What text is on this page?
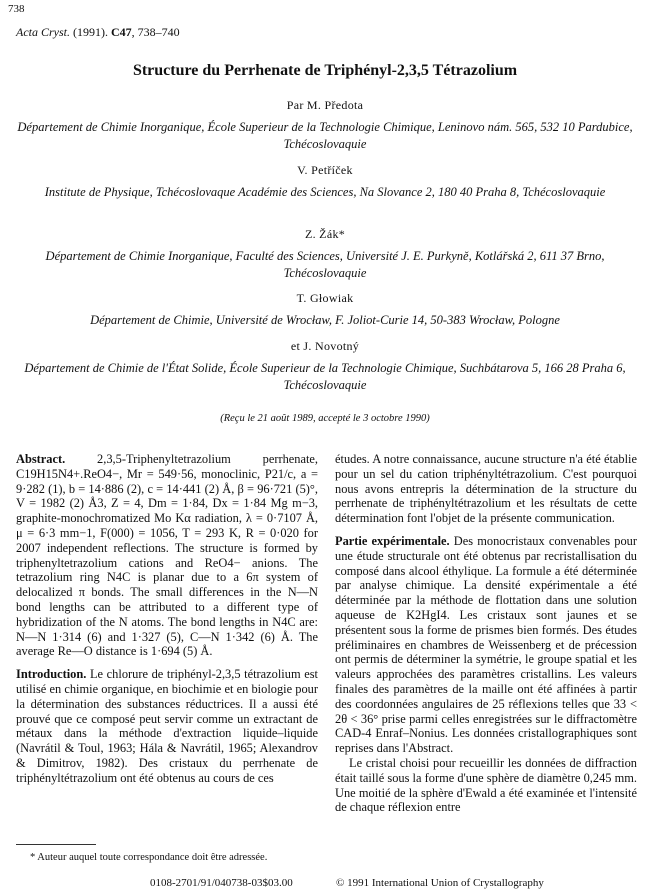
738
Acta Cryst. (1991). C47, 738–740
Structure du Perrhenate de Triphényl-2,3,5 Tétrazolium
Par M. Předota
Département de Chimie Inorganique, École Superieur de la Technologie Chimique, Leninovo nám. 565, 532 10 Pardubice, Tchécoslovaquie
V. Petříček
Institute de Physique, Tchécoslovaque Académie des Sciences, Na Slovance 2, 180 40 Praha 8, Tchécoslovaquie
Z. Žák*
Département de Chimie Inorganique, Faculté des Sciences, Université J. E. Purkyně, Kotlářská 2, 611 37 Brno, Tchécoslovaquie
T. Głowiak
Département de Chimie, Université de Wrocław, F. Joliot-Curie 14, 50-383 Wrocław, Pologne
et J. Novotný
Département de Chimie de l'État Solide, École Superieur de la Technologie Chimique, Suchbátarova 5, 166 28 Praha 6, Tchécoslovaquie
(Reçu le 21 août 1989, accepté le 3 octobre 1990)

Abstract.	2,3,5-Triphenyltetrazolium perrhenate, C19H15N4+.ReO4−, Mr = 549·56, monoclinic, P21/c, a = 9·282 (1), b = 14·886 (2), c = 14·441 (2) Å, β = 96·721 (5)°, V = 1982 (2) Å3, Z = 4, Dm = 1·84, Dx = 1·84 Mg m−3, graphite-monochromatized Mo Kα radiation, λ = 0·7107 Å, μ = 6·3 mm−1, F(000) = 1056, T = 293 K, R = 0·020 for 2007 independent reflections. The structure is formed by triphenyltetrazolium cations and ReO4− anions. The tetrazolium ring N4C is planar due to a 6π system of delocalized π bonds. The small differences in the N—N bond lengths can be attributed to a different type of hybridization of the N atoms. The bond lengths in N4C are: N—N 1·314 (6) and 1·327 (5), C—N 1·342 (6) Å. The average Re—O distance is 1·694 (5) Å.

Introduction. Le chlorure de triphényl-2,3,5 tétrazolium est utilisé en chimie organique, en biochimie et en biologie pour la détermination des substances réductrices. Il a aussi été prouvé que ce composé peut servir comme un extractant de métaux dans la méthode d'extraction liquide–liquide (Navrátil & Toul, 1963; Hála & Navrátil, 1965; Alexandrov & Dimitrov, 1982). Des cristaux du perrhenate de triphényltétrazolium ont été obtenus au cours de ces

études. A notre connaissance, aucune structure n'a été établie pour un sel du cation triphényltétrazolium. C'est pourquoi nous avons entrepris la détermination de la structure du perrhenate de triphényltétrazolium et les résultats de cette détermination font l'objet de la présente communication.

Partie expérimentale. Des monocristaux convenables pour une étude structurale ont été obtenus par recristallisation du composé dans alcool éthylique. La formule a été déterminée par analyse chimique. La densité expérimentale a été déterminée par la méthode de flottation dans une solution aqueuse de K2HgI4. Les cristaux sont jaunes et se présentent sous la forme de prismes bien formés. Des études préliminaires en chambres de Weissenberg et de précession ont permis de déterminer la symétrie, le groupe spatial et les valeurs approchées des paramètres cristallins. Les valeurs finales des paramètres de la maille ont été affinées à partir des coordonnées angulaires de 25 réflexions telles que 33 < 2θ < 36° prise parmi celles enregistrées sur le diffractomètre CAD-4 Enraf–Nonius. Les données cristallographiques sont reprises dans l'Abstract.

Le cristal choisi pour recueillir les données de diffraction était taillé sous la forme d'une sphère de diamètre 0,245 mm. Une moitié de la sphère d'Ewald a été examinée et l'intensité de chaque réflexion entre

* Auteur auquel toute correspondance doit être adressée.
0108-2701/91/040738-03$03.00	© 1991 International Union of Crystallography
